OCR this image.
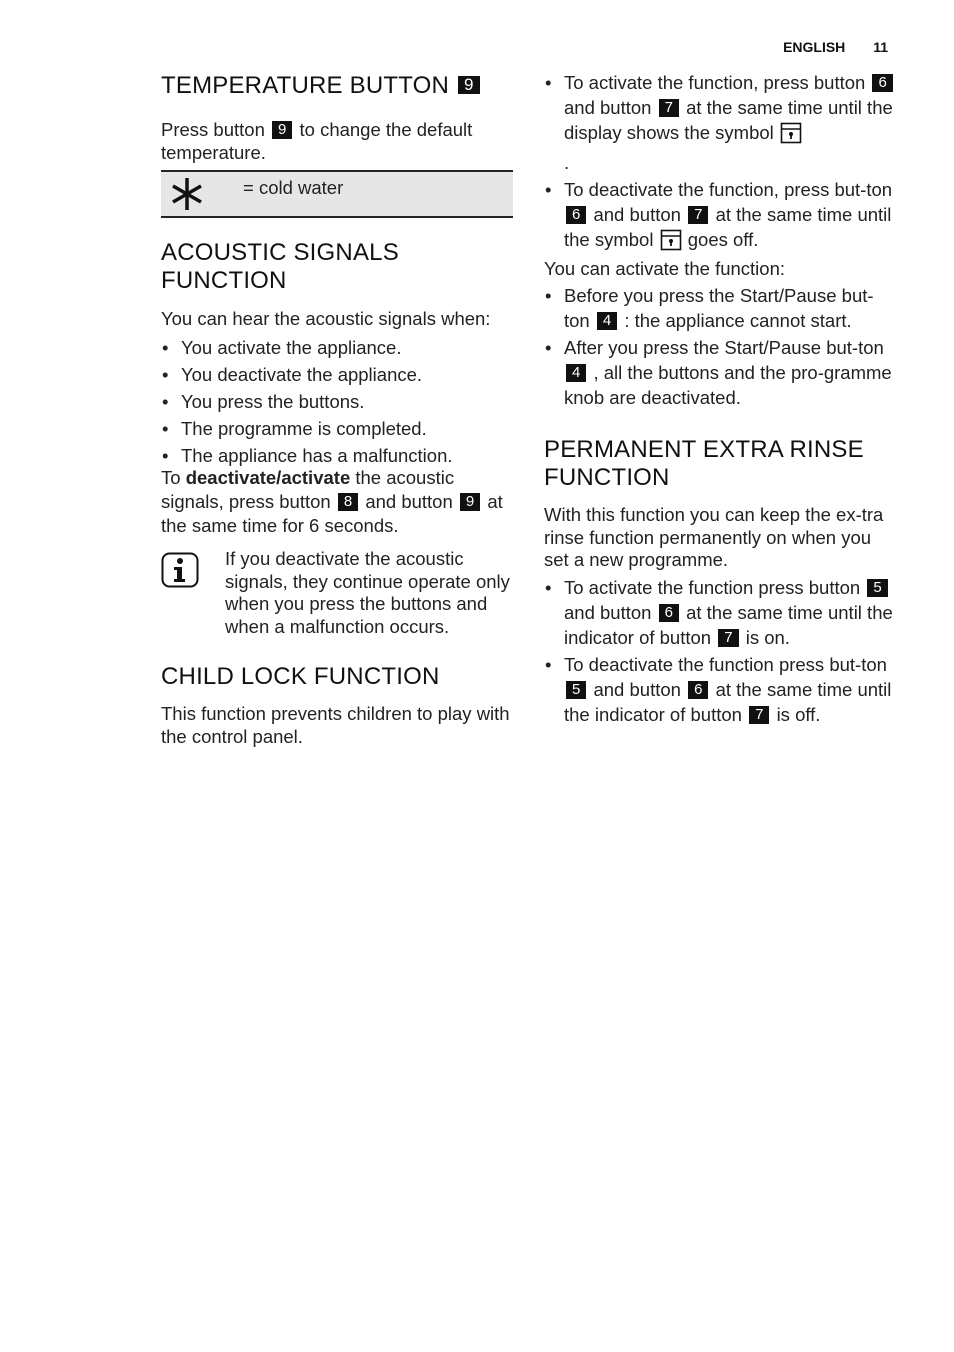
ENGLISH 11
TEMPERATURE BUTTON 9

Press button 9 to change the default temperature.

= cold water
ACOUSTIC SIGNALS FUNCTION

You can hear the acoustic signals when:

• You activate the appliance.
• You deactivate the appliance.
• You press the buttons.
• The programme is completed.
• The appliance has a malfunction.

To deactivate/activate the acoustic signals, press button 8 and button 9 at the same time for 6 seconds.

If you deactivate the acoustic signals, they continue operate only when you press the buttons and when a malfunction occurs.

CHILD LOCK FUNCTION

This function prevents children to play with the control panel.

• To activate the function, press button 6 and button 7 at the same time until the display shows the symbol
.
• To deactivate the function, press but-ton 6 and button 7 at the same time until the symbol goes off.

You can activate the function:

• Before you press the Start/Pause but-ton 4 : the appliance cannot start.
• After you press the Start/Pause but-ton 4 , all the buttons and the pro-gramme knob are deactivated.
PERMANENT EXTRA RINSE FUNCTION

With this function you can keep the ex-tra rinse function permanently on when you set a new programme.

• To activate the function press button 5 and button 6 at the same time until the indicator of button 7 is on.
• To deactivate the function press but-ton 5 and button 6 at the same time until the indicator of button 7 is off.
